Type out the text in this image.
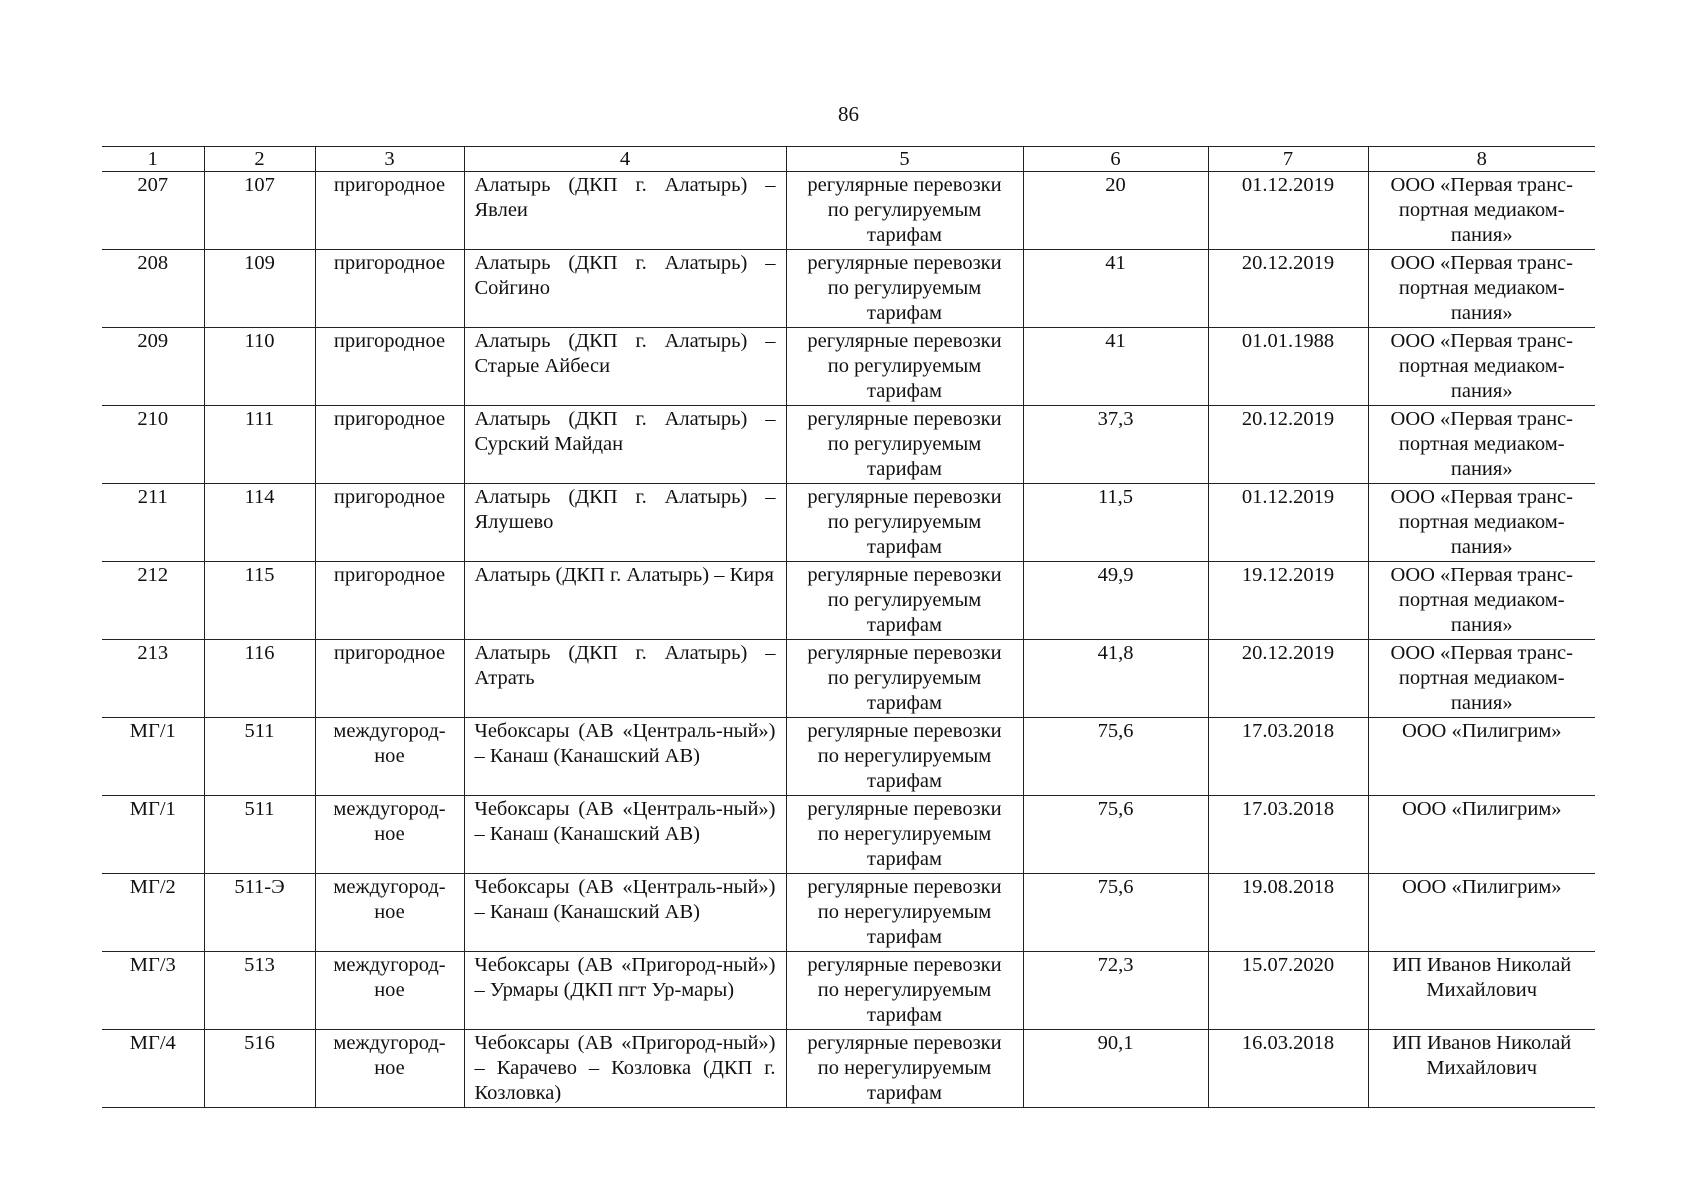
86
1	2	3	4	5	6	7	8
207	107	пригородное	Алатырь (ДКП г. Алатырь) – Явлеи	регулярные перевозки по регулируемым тарифам	20	01.12.2019	ООО «Первая транс-портная медиаком-пания»
208	109	пригородное	Алатырь (ДКП г. Алатырь) – Сойгино	регулярные перевозки по регулируемым тарифам	41	20.12.2019	ООО «Первая транс-портная медиаком-пания»
209	110	пригородное	Алатырь (ДКП г. Алатырь) – Старые Айбеси	регулярные перевозки по регулируемым тарифам	41	01.01.1988	ООО «Первая транс-портная медиаком-пания»
210	111	пригородное	Алатырь (ДКП г. Алатырь) – Сурский Майдан	регулярные перевозки по регулируемым тарифам	37,3	20.12.2019	ООО «Первая транс-портная медиаком-пания»
211	114	пригородное	Алатырь (ДКП г. Алатырь) – Ялушево	регулярные перевозки по регулируемым тарифам	11,5	01.12.2019	ООО «Первая транс-портная медиаком-пания»
212	115	пригородное	Алатырь (ДКП г. Алатырь) – Киря	регулярные перевозки по регулируемым тарифам	49,9	19.12.2019	ООО «Первая транс-портная медиаком-пания»
213	116	пригородное	Алатырь (ДКП г. Алатырь) – Атрать	регулярные перевозки по регулируемым тарифам	41,8	20.12.2019	ООО «Первая транс-портная медиаком-пания»
МГ/1	511	междугород-ное	Чебоксары (АВ «Централь-ный») – Канаш (Канашский АВ)	регулярные перевозки по нерегулируемым тарифам	75,6	17.03.2018	ООО «Пилигрим»
МГ/1	511	междугород-ное	Чебоксары (АВ «Централь-ный») – Канаш (Канашский АВ)	регулярные перевозки по нерегулируемым тарифам	75,6	17.03.2018	ООО «Пилигрим»
МГ/2	511-Э	междугород-ное	Чебоксары (АВ «Централь-ный») – Канаш (Канашский АВ)	регулярные перевозки по нерегулируемым тарифам	75,6	19.08.2018	ООО «Пилигрим»
МГ/3	513	междугород-ное	Чебоксары (АВ «Пригород-ный») – Урмары (ДКП пгт Ур-мары)	регулярные перевозки по нерегулируемым тарифам	72,3	15.07.2020	ИП Иванов Николай Михайлович
МГ/4	516	междугород-ное	Чебоксары (АВ «Пригород-ный») – Карачево – Козловка (ДКП г. Козловка)	регулярные перевозки по нерегулируемым тарифам	90,1	16.03.2018	ИП Иванов Николай Михайлович
